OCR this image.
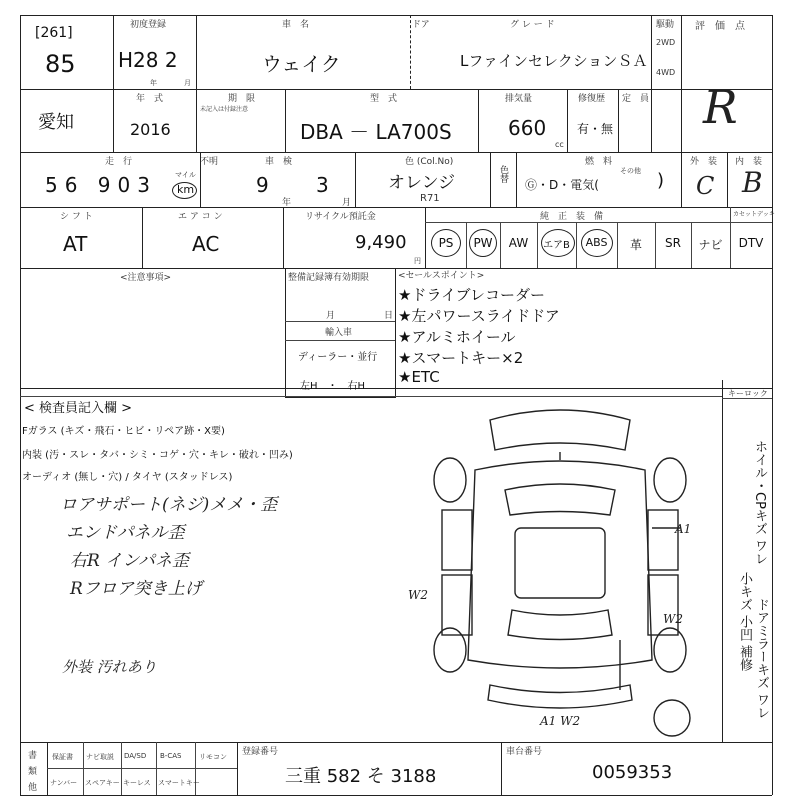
[261]
85
初度登録
H28 2
年	月
車　名
ウェイク
ドア	グ レ ー ド
LファインセレクションＳＡ
駆動
2WD
4WD
評　価　点
R
愛知
年　式
2016
期　限
未記入は付録注意
型　式
DBA － LA700S
排気量
660
cc
修復歴
有・無
定　員
走　行
56 903	マイル
km
不明	車　検
9
年
3
月
色 (Col.No)
オレンジ
R71
色替
燃　料
Ⓖ・D・電気(
その他 )
外　装
C
内　装
B
シ フ ト
AT
エ ア コ ン
AC
リサイクル預託金
9,490
円
純　正　装　備	カセットデッキ
PS	PW	AW	エアB	ABS	革	SR	ナビ	DTV
<注意事項>	整備記録簿有効期限
月	日
輸入車
ディーラー・並行
左H　・　右H
<セールスポイント>
★ドライブレコーダー
★左パワースライドドア
★アルミホイール
★スマートキー×2
★ETC
キーロック
< 検査員記入欄 >
Fガラス (キズ・飛石・ヒビ・リペア跡・X要)
内装 (汚・スレ・タバ・シミ・コゲ・穴・キレ・破れ・凹み)
オーディオ (無し・穴) / タイヤ (スタッドレス)
ロアサポート(ネジ)メメ・歪
エンドパネル歪
右R インパネ歪
Rフロア突き上げ
外装 汚れあり
A1
W2
W2
A1 W2
ホイル・CPキズ ワレ
小キズ 小凹 補修 ドアミラーキズ ワレ
書
類
他
保証書 ナビ取説 DA/SD B-CAS	リモコン
ナンバー スペアキー キーレス スマートキー
登録番号
三重 582 そ 3188
車台番号
0059353
